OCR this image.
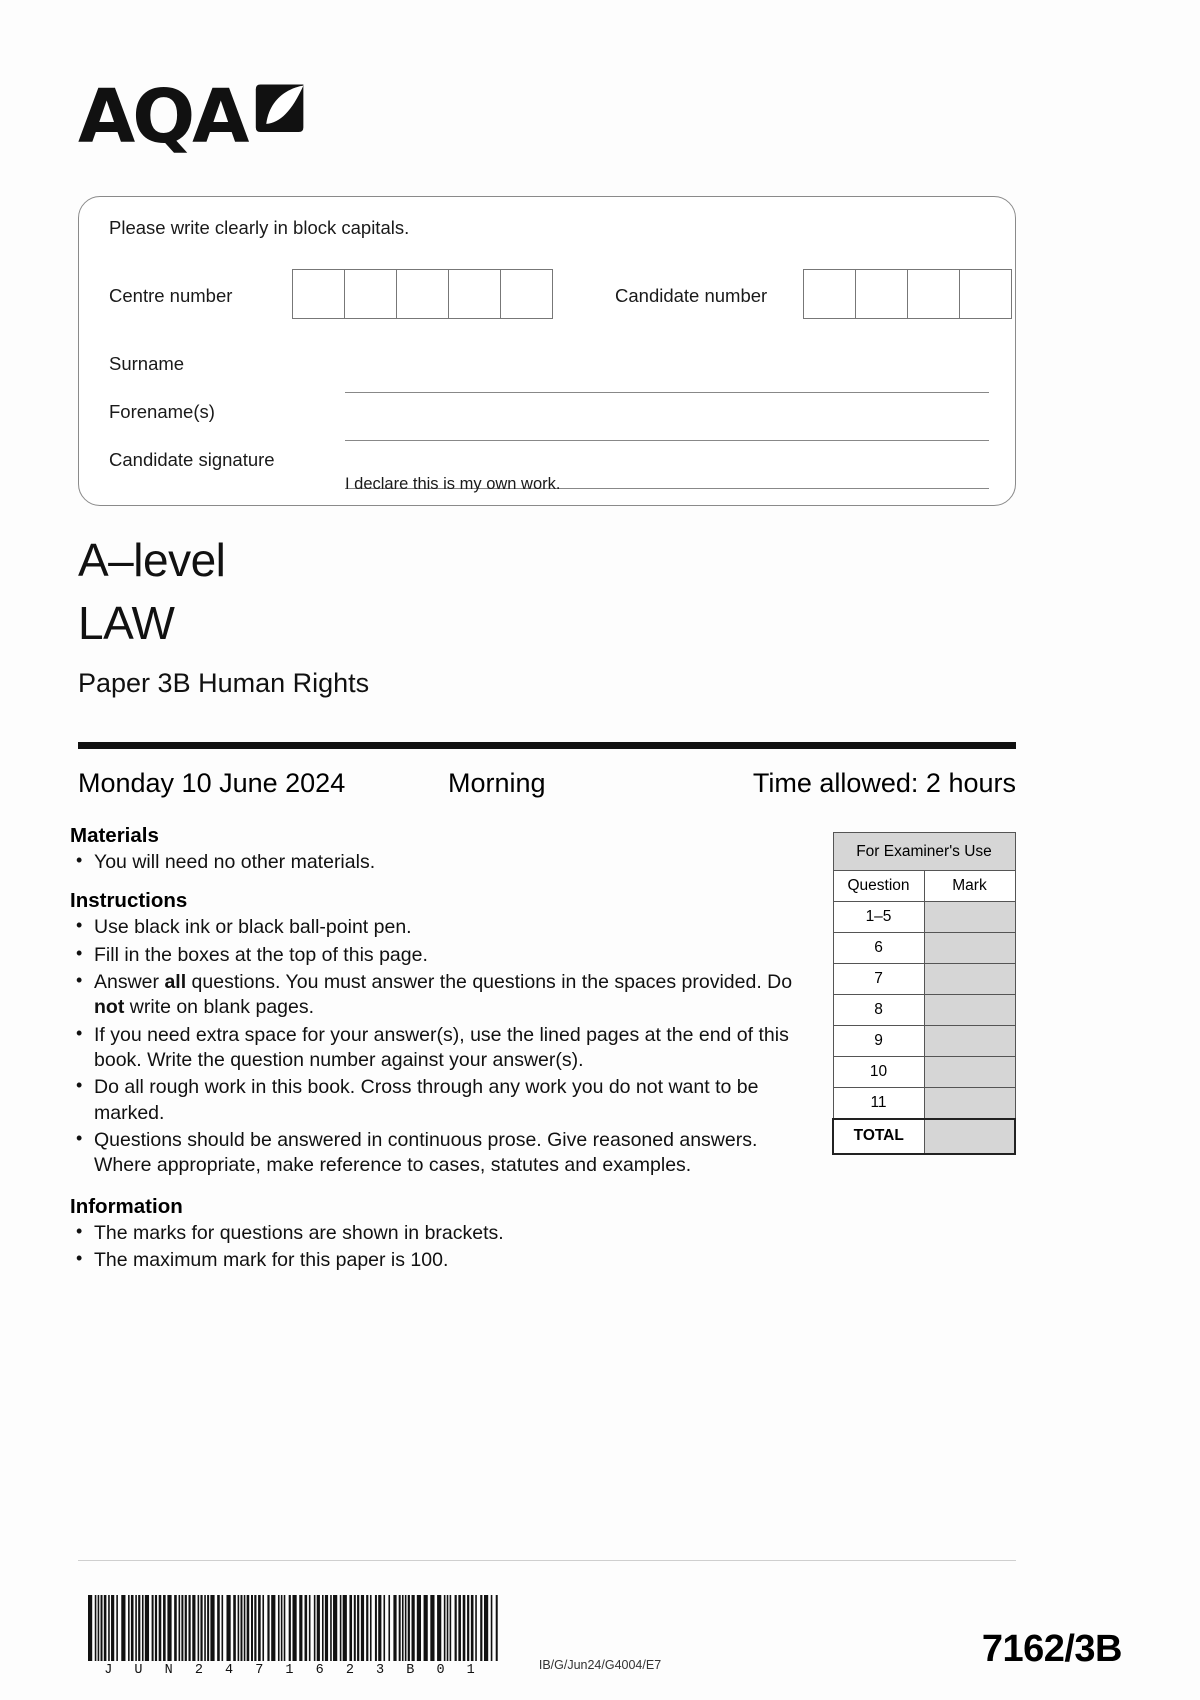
AQA
Please write clearly in block capitals.
Centre number	Candidate number
Surname
Forename(s)
Candidate signature
I declare this is my own work.
A–level
LAW
Paper 3B Human Rights
Monday 10 June 2024	Morning	Time allowed: 2 hours
Materials
• You will need no other materials.
Instructions
• Use black ink or black ball-point pen.
• Fill in the boxes at the top of this page.
• Answer all questions. You must answer the questions in the spaces provided. Do not write on blank pages.
• If you need extra space for your answer(s), use the lined pages at the end of this book. Write the question number against your answer(s).
• Do all rough work in this book. Cross through any work you do not want to be marked.
• Questions should be answered in continuous prose. Give reasoned answers. Where appropriate, make reference to cases, statutes and examples.
Information
• The marks for questions are shown in brackets.
• The maximum mark for this paper is 100.
For Examiner's Use	
Question	Mark
1–5	
6	
7	
8	
9	
10	
11	
TOTAL	
J U N 2 4 7 1 6 2 3 B 0 1	IB/G/Jun24/G4004/E7	7162/3B
